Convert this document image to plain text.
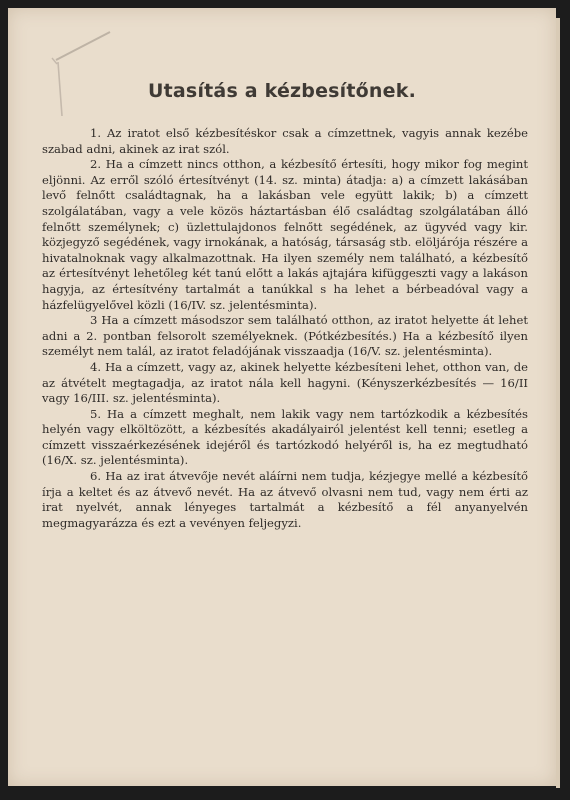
Utasítás a kézbesítőnek.

1. Az iratot első kézbesítéskor csak a címzettnek, vagyis annak kezébe szabad adni, akinek az irat szól.

2. Ha a címzett nincs otthon, a kézbesítő értesíti, hogy mikor fog megint eljönni. Az erről szóló értesítvényt (14. sz. minta) átadja: a) a címzett lakásában levő felnőtt családtagnak, ha a lakásban vele együtt lakik; b) a címzett szolgálatában, vagy a vele közös háztartásban élő családtag szolgálatában álló felnőtt személynek; c) üzlettulajdonos felnőtt segédének, az ügyvéd vagy kir. közjegyző segédének, vagy irnokának, a hatóság, társaság stb. elöljárója részére a hivatalnoknak vagy alkalmazottnak. Ha ilyen személy nem található, a kézbesítő az értesítvényt lehetőleg két tanú előtt a lakás ajtajára kifüggeszti vagy a lakáson hagyja, az értesítvény tartalmát a tanúkkal s ha lehet a bérbeadóval vagy a házfelügyelővel közli (16/IV. sz. jelentésminta).

3 Ha a címzett másodszor sem található otthon, az iratot helyette át lehet adni a 2. pontban felsorolt személyeknek. (Pótkézbesítés.) Ha a kézbesítő ilyen személyt nem talál, az iratot feladójának visszaadja (16/V. sz. jelentésminta).

4. Ha a címzett, vagy az, akinek helyette kézbesíteni lehet, otthon van, de az átvételt megtagadja, az iratot nála kell hagyni. (Kényszerkézbesítés — 16/II vagy 16/III. sz. jelentésminta).

5. Ha a címzett meghalt, nem lakik vagy nem tartózkodik a kézbesítés helyén vagy elköltözött, a kézbesítés akadályairól jelentést kell tenni; esetleg a címzett visszaérkezésének idejéről és tartózkodó helyéről is, ha ez megtudható (16/X. sz. jelentésminta).

6. Ha az irat átvevője nevét aláírni nem tudja, kézjegye mellé a kézbesítő írja a keltet és az átvevő nevét. Ha az átvevő olvasni nem tud, vagy nem érti az irat nyelvét, annak lényeges tartalmát a kézbesítő a fél anyanyelvén megmagyarázza és ezt a vevényen feljegyzi.
